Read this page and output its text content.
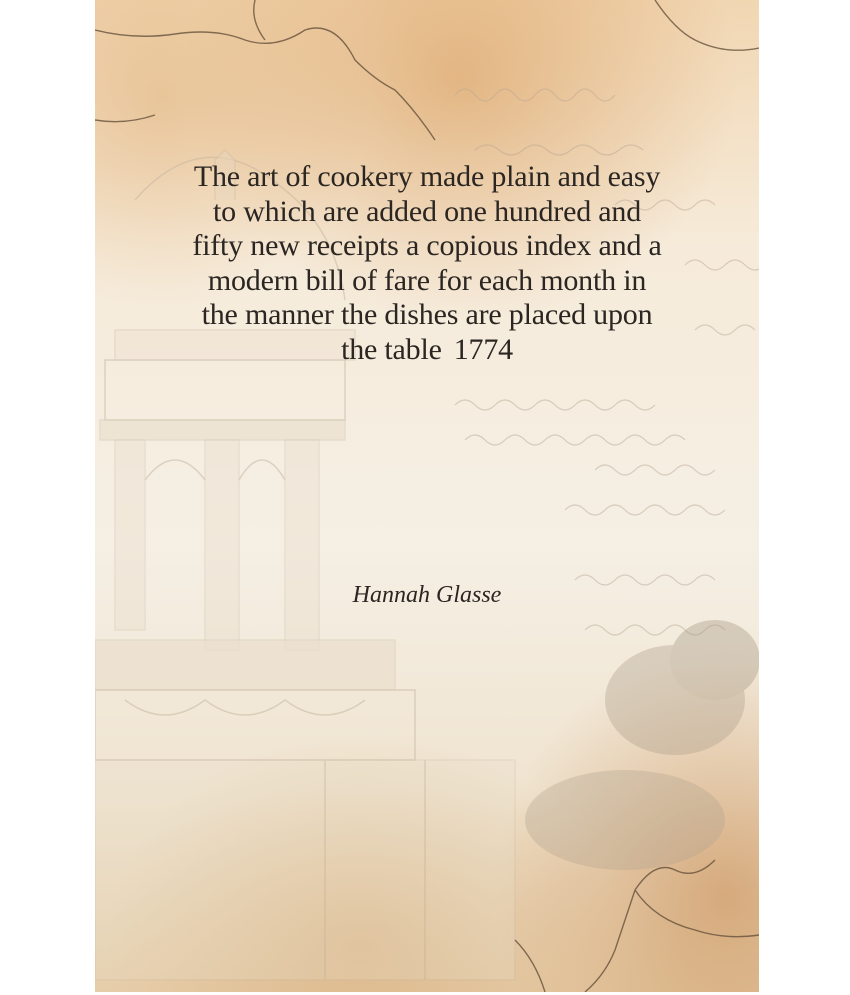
The art of cookery made plain and easy
to which are added one hundred and
fifty new receipts a copious index and a
modern bill of fare for each month in
the manner the dishes are placed upon
the table 1774
Hannah Glasse
